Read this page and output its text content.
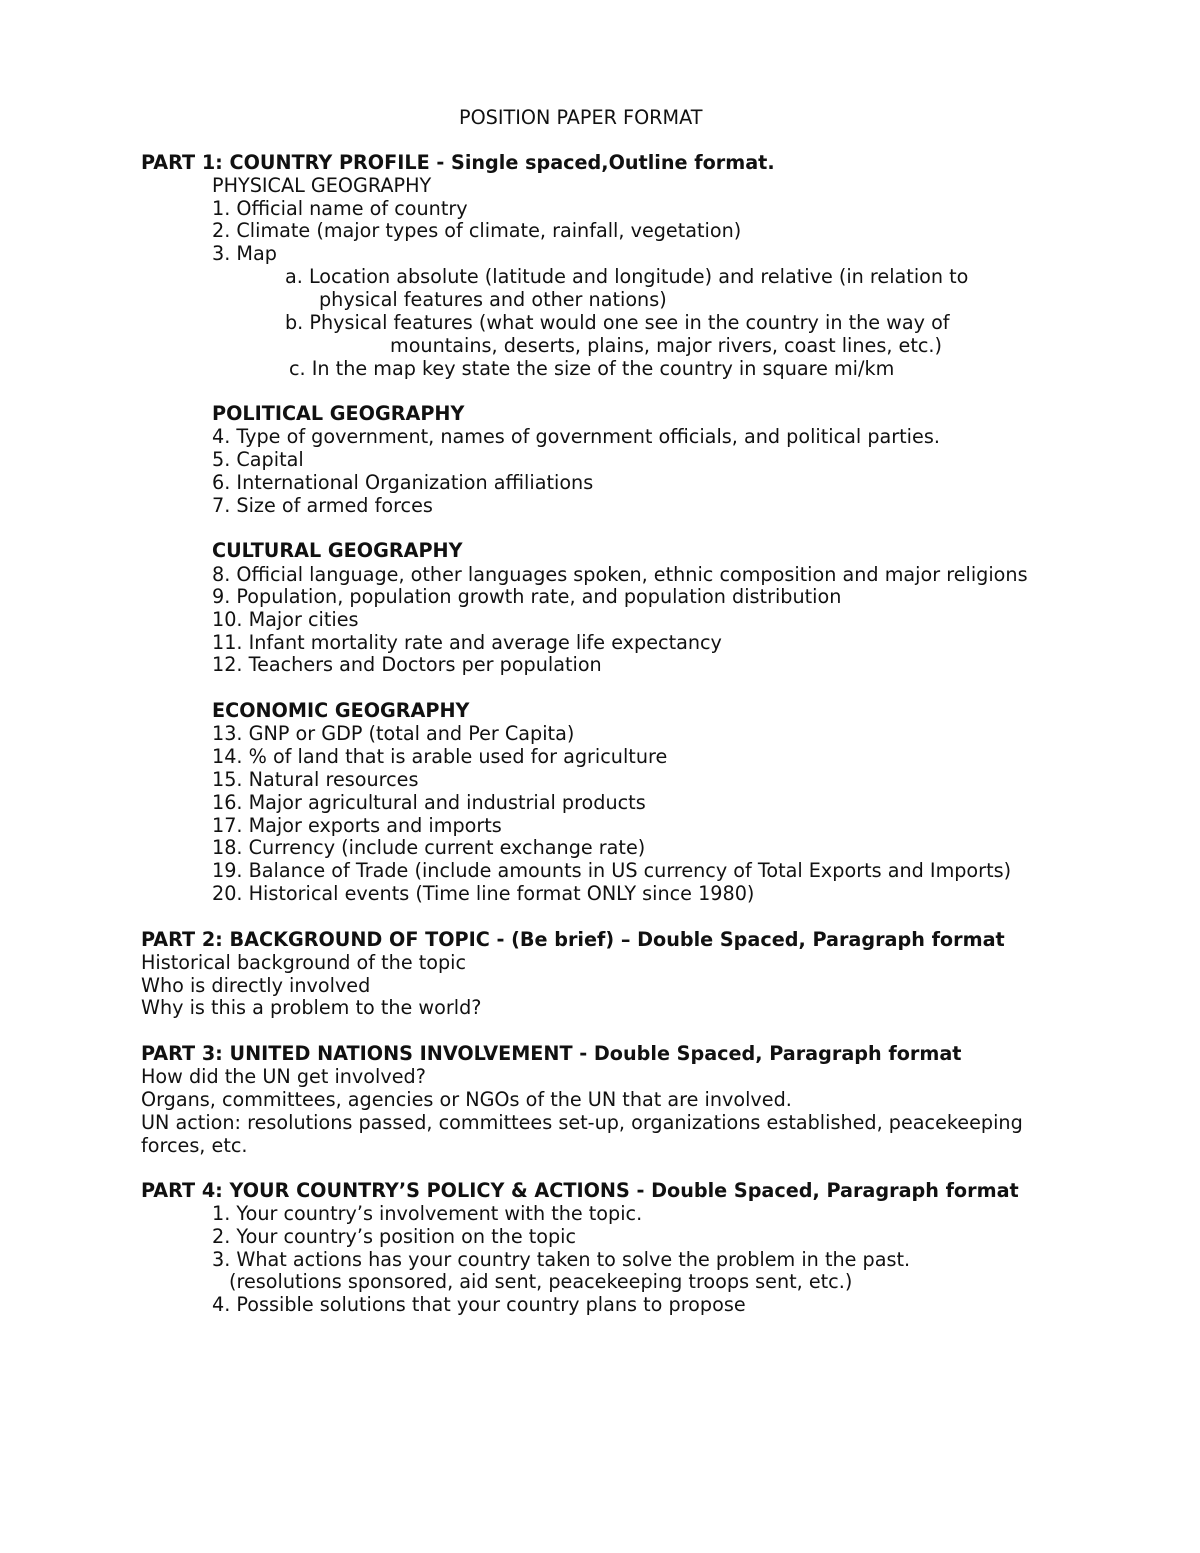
POSITION PAPER FORMAT

PART 1: COUNTRY PROFILE - Single spaced,Outline format.

PHYSICAL GEOGRAPHY

1. Official name of country

2. Climate (major types of climate, rainfall, vegetation)

3. Map

a. Location absolute (latitude and longitude) and relative (in relation to

physical features and other nations)

b. Physical features (what would one see in the country in the way of

mountains, deserts, plains, major rivers, coast lines, etc.)

c. In the map key state the size of the country in square mi/km

POLITICAL GEOGRAPHY

4. Type of government, names of government officials, and political parties.

5. Capital

6. International Organization affiliations

7. Size of armed forces

CULTURAL GEOGRAPHY

8. Official language, other languages spoken, ethnic composition and major religions

9. Population, population growth rate, and population distribution

10. Major cities

11. Infant mortality rate and average life expectancy

12. Teachers and Doctors per population

ECONOMIC GEOGRAPHY

13. GNP or GDP (total and Per Capita)

14. % of land that is arable used for agriculture

15. Natural resources

16. Major agricultural and industrial products

17. Major exports and imports

18. Currency (include current exchange rate)

19. Balance of Trade (include amounts in US currency of Total Exports and Imports)

20. Historical events (Time line format ONLY since 1980)

PART 2: BACKGROUND OF TOPIC - (Be brief) – Double Spaced, Paragraph format

Historical background of the topic

Who is directly involved

Why is this a problem to the world?

PART 3: UNITED NATIONS INVOLVEMENT - Double Spaced, Paragraph format

How did the UN get involved?

Organs, committees, agencies or NGOs of the UN that are involved.

UN action: resolutions passed, committees set-up, organizations established, peacekeeping

forces, etc.

PART 4: YOUR COUNTRY’S POLICY & ACTIONS - Double Spaced, Paragraph format

1. Your country’s involvement with the topic.

2. Your country’s position on the topic

3. What actions has your country taken to solve the problem in the past.

(resolutions sponsored, aid sent, peacekeeping troops sent, etc.)

4. Possible solutions that your country plans to propose
